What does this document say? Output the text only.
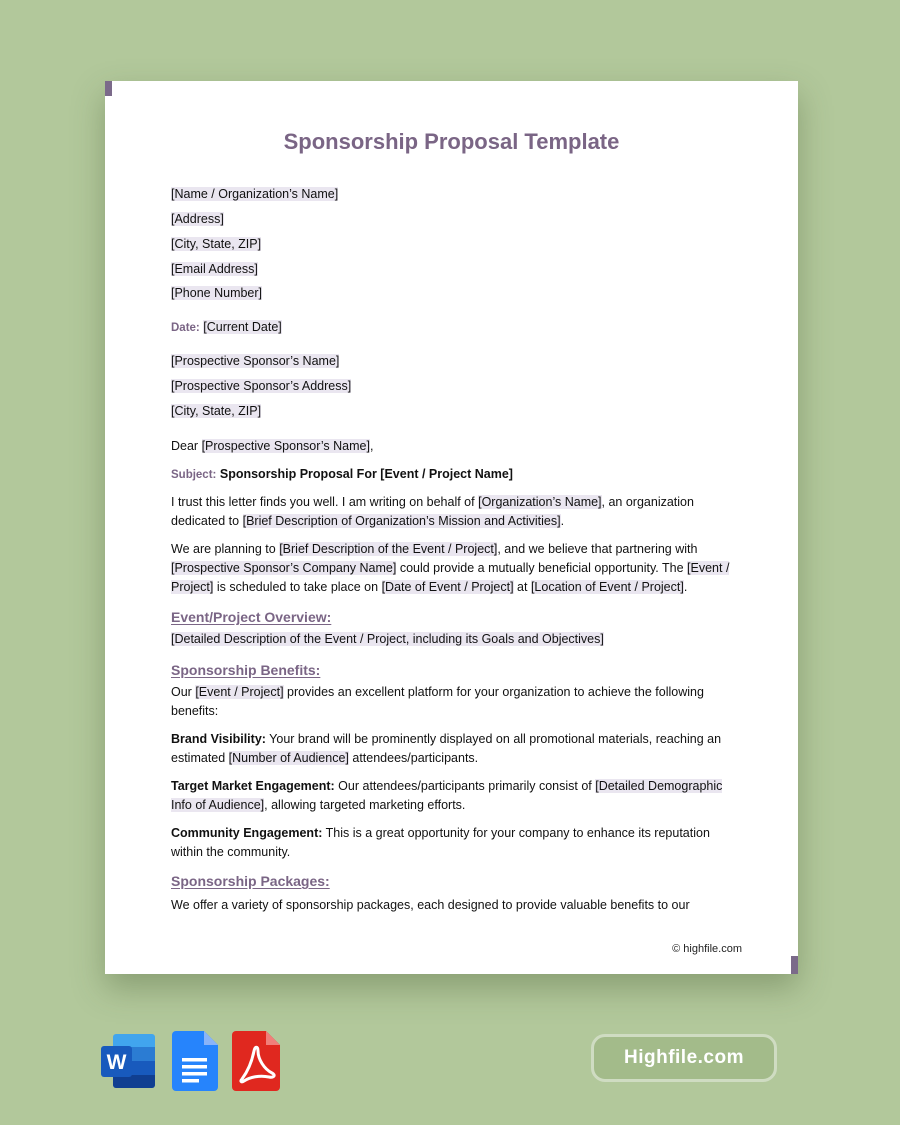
Sponsorship Proposal Template
[Name / Organization’s Name]
[Address]
[City, State, ZIP]
[Email Address]
[Phone Number]
Date: [Current Date]
[Prospective Sponsor’s Name]
[Prospective Sponsor’s Address]
[City, State, ZIP]
Dear [Prospective Sponsor’s Name],
Subject: Sponsorship Proposal For [Event / Project Name]
I trust this letter finds you well. I am writing on behalf of [Organization’s Name], an organization dedicated to [Brief Description of Organization’s Mission and Activities].
We are planning to [Brief Description of the Event / Project], and we believe that partnering with [Prospective Sponsor’s Company Name] could provide a mutually beneficial opportunity. The [Event / Project] is scheduled to take place on [Date of Event / Project] at [Location of Event / Project].
Event/Project Overview:
[Detailed Description of the Event / Project, including its Goals and Objectives]
Sponsorship Benefits:
Our [Event / Project] provides an excellent platform for your organization to achieve the following benefits:
Brand Visibility: Your brand will be prominently displayed on all promotional materials, reaching an estimated [Number of Audience] attendees/participants.
Target Market Engagement: Our attendees/participants primarily consist of [Detailed Demographic Info of Audience], allowing targeted marketing efforts.
Community Engagement: This is a great opportunity for your company to enhance its reputation within the community.
Sponsorship Packages:
We offer a variety of sponsorship packages, each designed to provide valuable benefits to our
© highfile.com
W	Highfile.com
